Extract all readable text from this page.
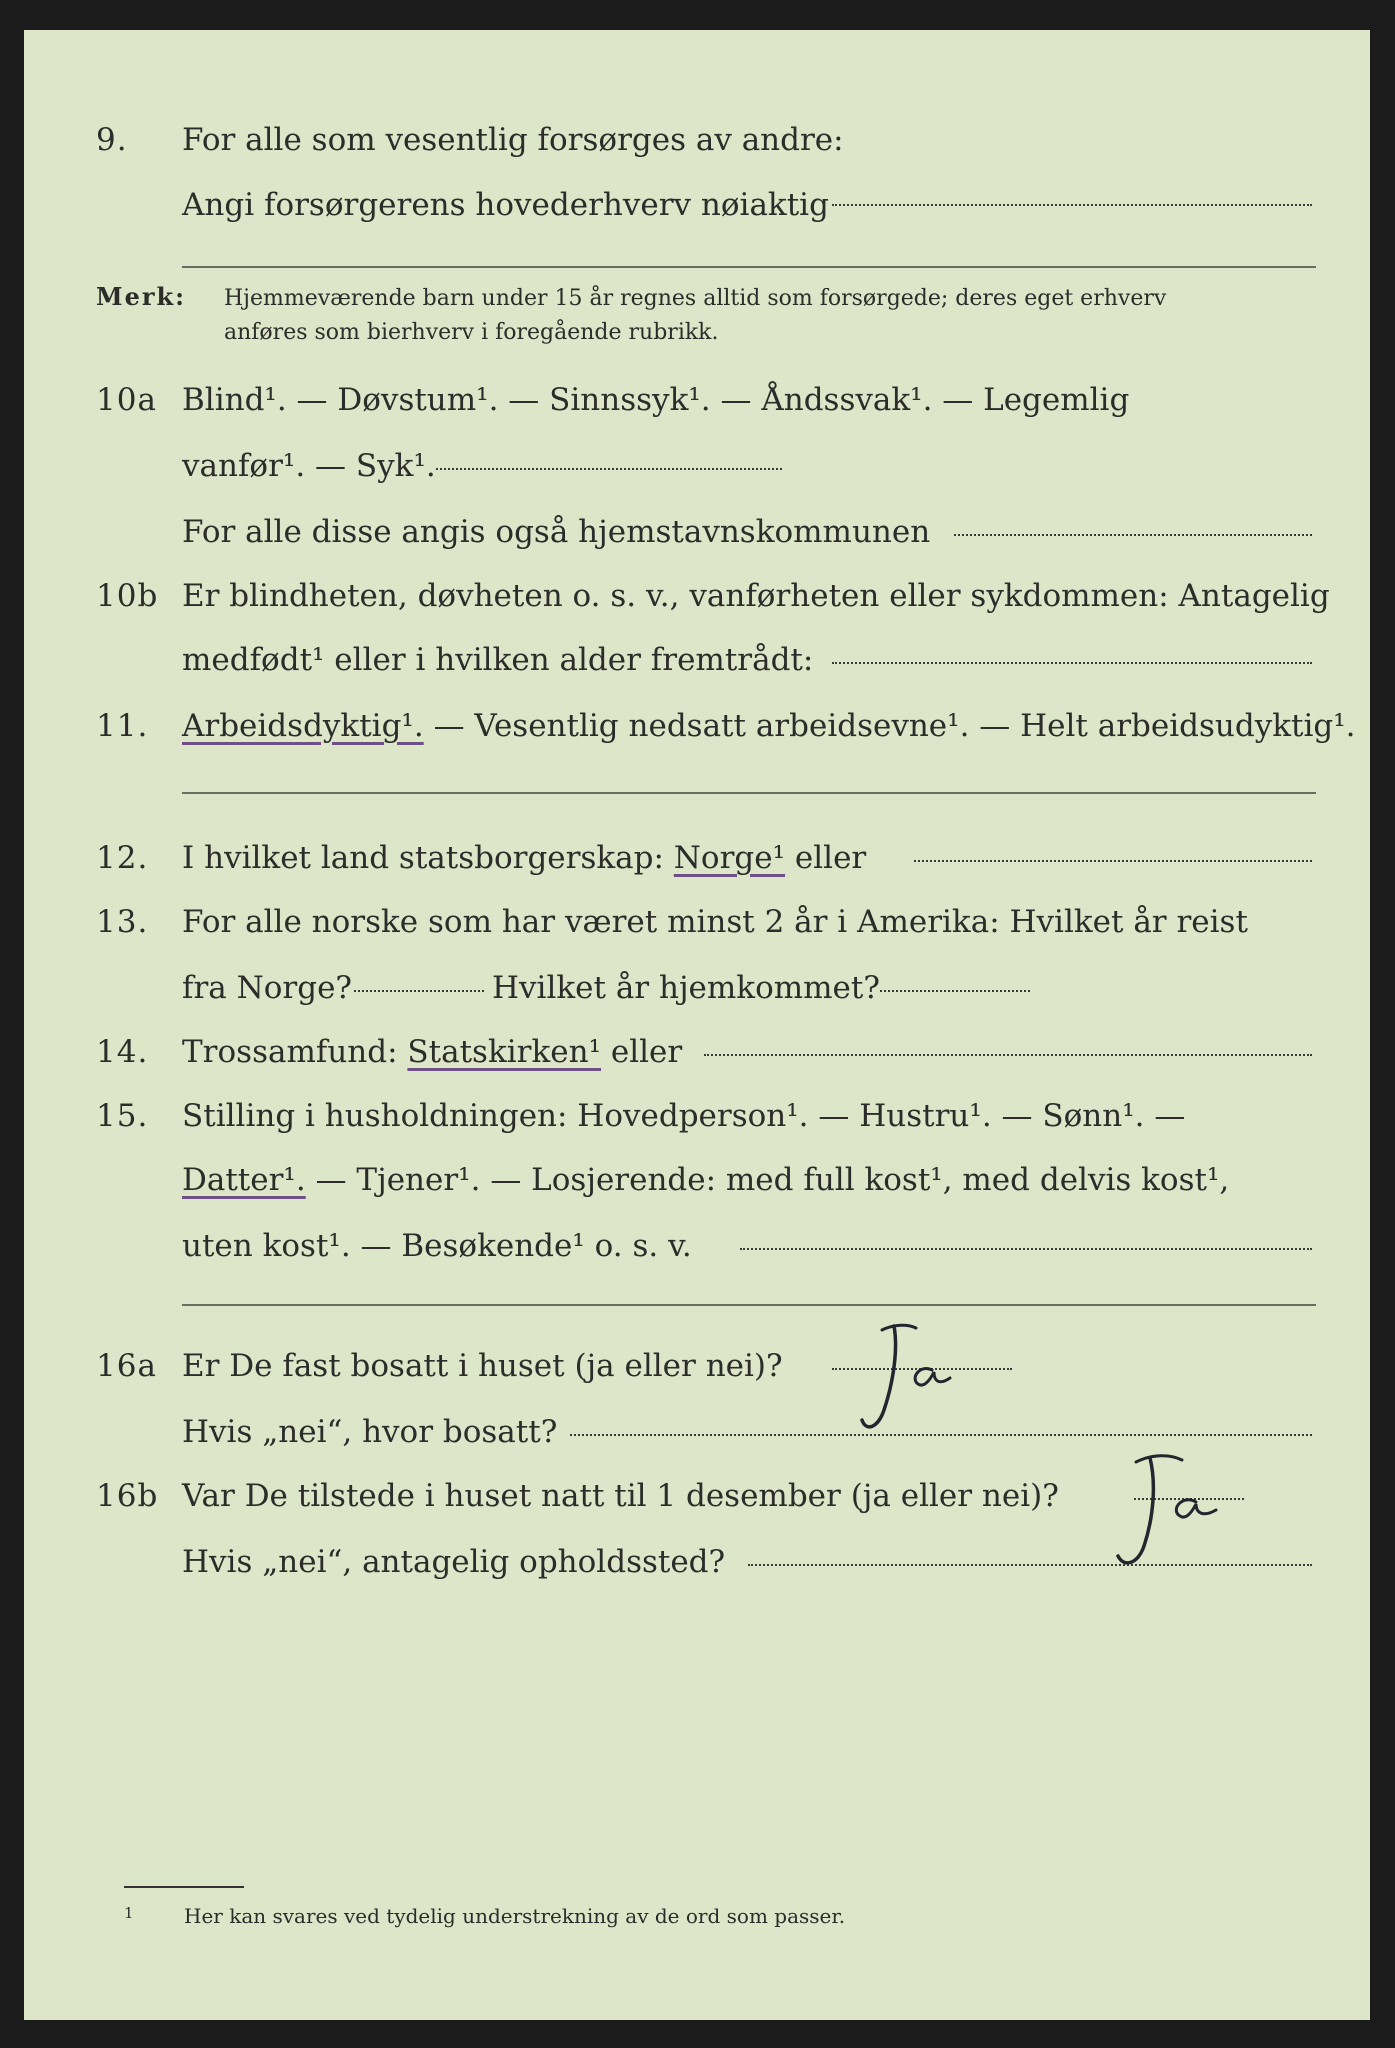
9. For alle som vesentlig forsørges av andre:
Angi forsørgerens hovederhverv nøiaktig
Merk: Hjemmeværende barn under 15 år regnes alltid som forsørgede; deres eget erhverv
anføres som bierhverv i foregående rubrikk.
10a Blind¹. — Døvstum¹. — Sinnssyk¹. — Åndssvak¹. — Legemlig
vanfør¹. — Syk¹.
For alle disse angis også hjemstavnskommunen
10b Er blindheten, døvheten o. s. v., vanførheten eller sykdommen: Antagelig
medfødt¹ eller i hvilken alder fremtrådt:
11. Arbeidsdyktig¹. — Vesentlig nedsatt arbeidsevne¹. — Helt arbeidsudyktig¹.
12. I hvilket land statsborgerskap: Norge¹ eller
13. For alle norske som har været minst 2 år i Amerika: Hvilket år reist
fra Norge?	Hvilket år hjemkommet?
14. Trossamfund: Statskirken¹ eller
15. Stilling i husholdningen: Hovedperson¹. — Hustru¹. — Sønn¹. —
Datter¹. — Tjener¹. — Losjerende: med full kost¹, med delvis kost¹,
uten kost¹. — Besøkende¹ o. s. v.
16a Er De fast bosatt i huset (ja eller nei)?
Ja
Hvis „nei“, hvor bosatt?
16b Var De tilstede i huset natt til 1 desember (ja eller nei)?
Ja
Hvis „nei“, antagelig opholdssted?
1	Her kan svares ved tydelig understrekning av de ord som passer.
